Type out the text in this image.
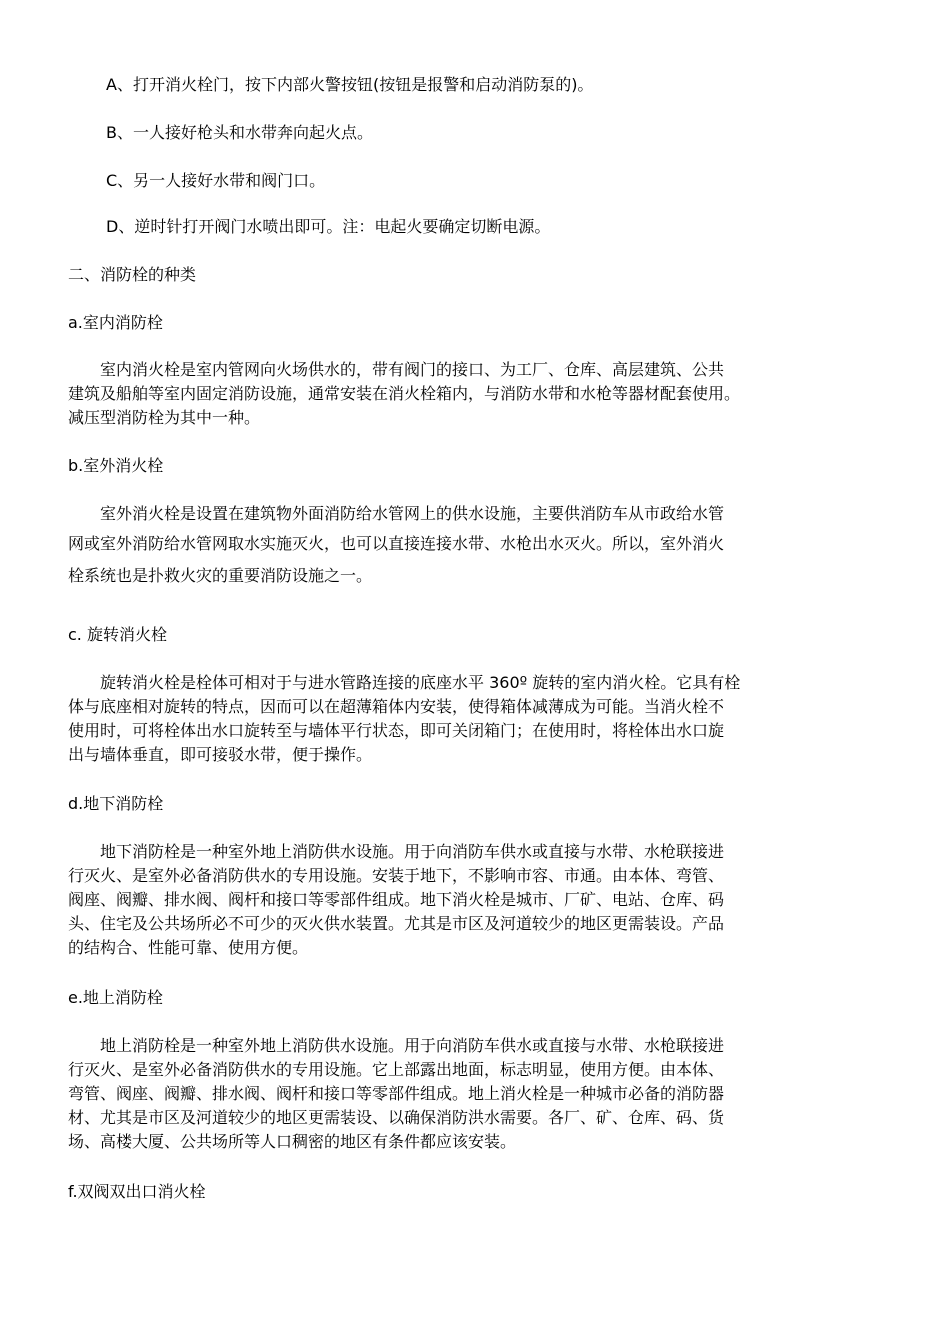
A、打开消火栓门，按下内部火警按钮(按钮是报警和启动消防泵的)。
B、一人接好枪头和水带奔向起火点。
C、另一人接好水带和阀门口。
D、逆时针打开阀门水喷出即可。注：电起火要确定切断电源。
二、消防栓的种类
a.室内消防栓
　　室内消火栓是室内管网向火场供水的，带有阀门的接口、为工厂、仓库、高层建筑、公共
建筑及船舶等室内固定消防设施，通常安装在消火栓箱内，与消防水带和水枪等器材配套使用。
减压型消防栓为其中一种。
b.室外消火栓
　　室外消火栓是设置在建筑物外面消防给水管网上的供水设施，主要供消防车从市政给水管
网或室外消防给水管网取水实施灭火，也可以直接连接水带、水枪出水灭火。所以，室外消火
栓系统也是扑救火灾的重要消防设施之一。
c. 旋转消火栓
　　旋转消火栓是栓体可相对于与进水管路连接的底座水平 360º 旋转的室内消火栓。它具有栓
体与底座相对旋转的特点，因而可以在超薄箱体内安装，使得箱体减薄成为可能。当消火栓不
使用时，可将栓体出水口旋转至与墙体平行状态，即可关闭箱门；在使用时，将栓体出水口旋
出与墙体垂直，即可接驳水带，便于操作。
d.地下消防栓
　　地下消防栓是一种室外地上消防供水设施。用于向消防车供水或直接与水带、水枪联接进
行灭火、是室外必备消防供水的专用设施。安装于地下，不影响市容、市通。由本体、弯管、
阀座、阀瓣、排水阀、阀杆和接口等零部件组成。地下消火栓是城市、厂矿、电站、仓库、码
头、住宅及公共场所必不可少的灭火供水装置。尤其是市区及河道较少的地区更需装设。产品
的结构合、性能可靠、使用方便。
e.地上消防栓
　　地上消防栓是一种室外地上消防供水设施。用于向消防车供水或直接与水带、水枪联接进
行灭火、是室外必备消防供水的专用设施。它上部露出地面，标志明显，使用方便。由本体、
弯管、阀座、阀瓣、排水阀、阀杆和接口等零部件组成。地上消火栓是一种城市必备的消防器
材、尤其是市区及河道较少的地区更需装设、以确保消防洪水需要。各厂、矿、仓库、码、货
场、高楼大厦、公共场所等人口稠密的地区有条件都应该安装。
f.双阀双出口消火栓
